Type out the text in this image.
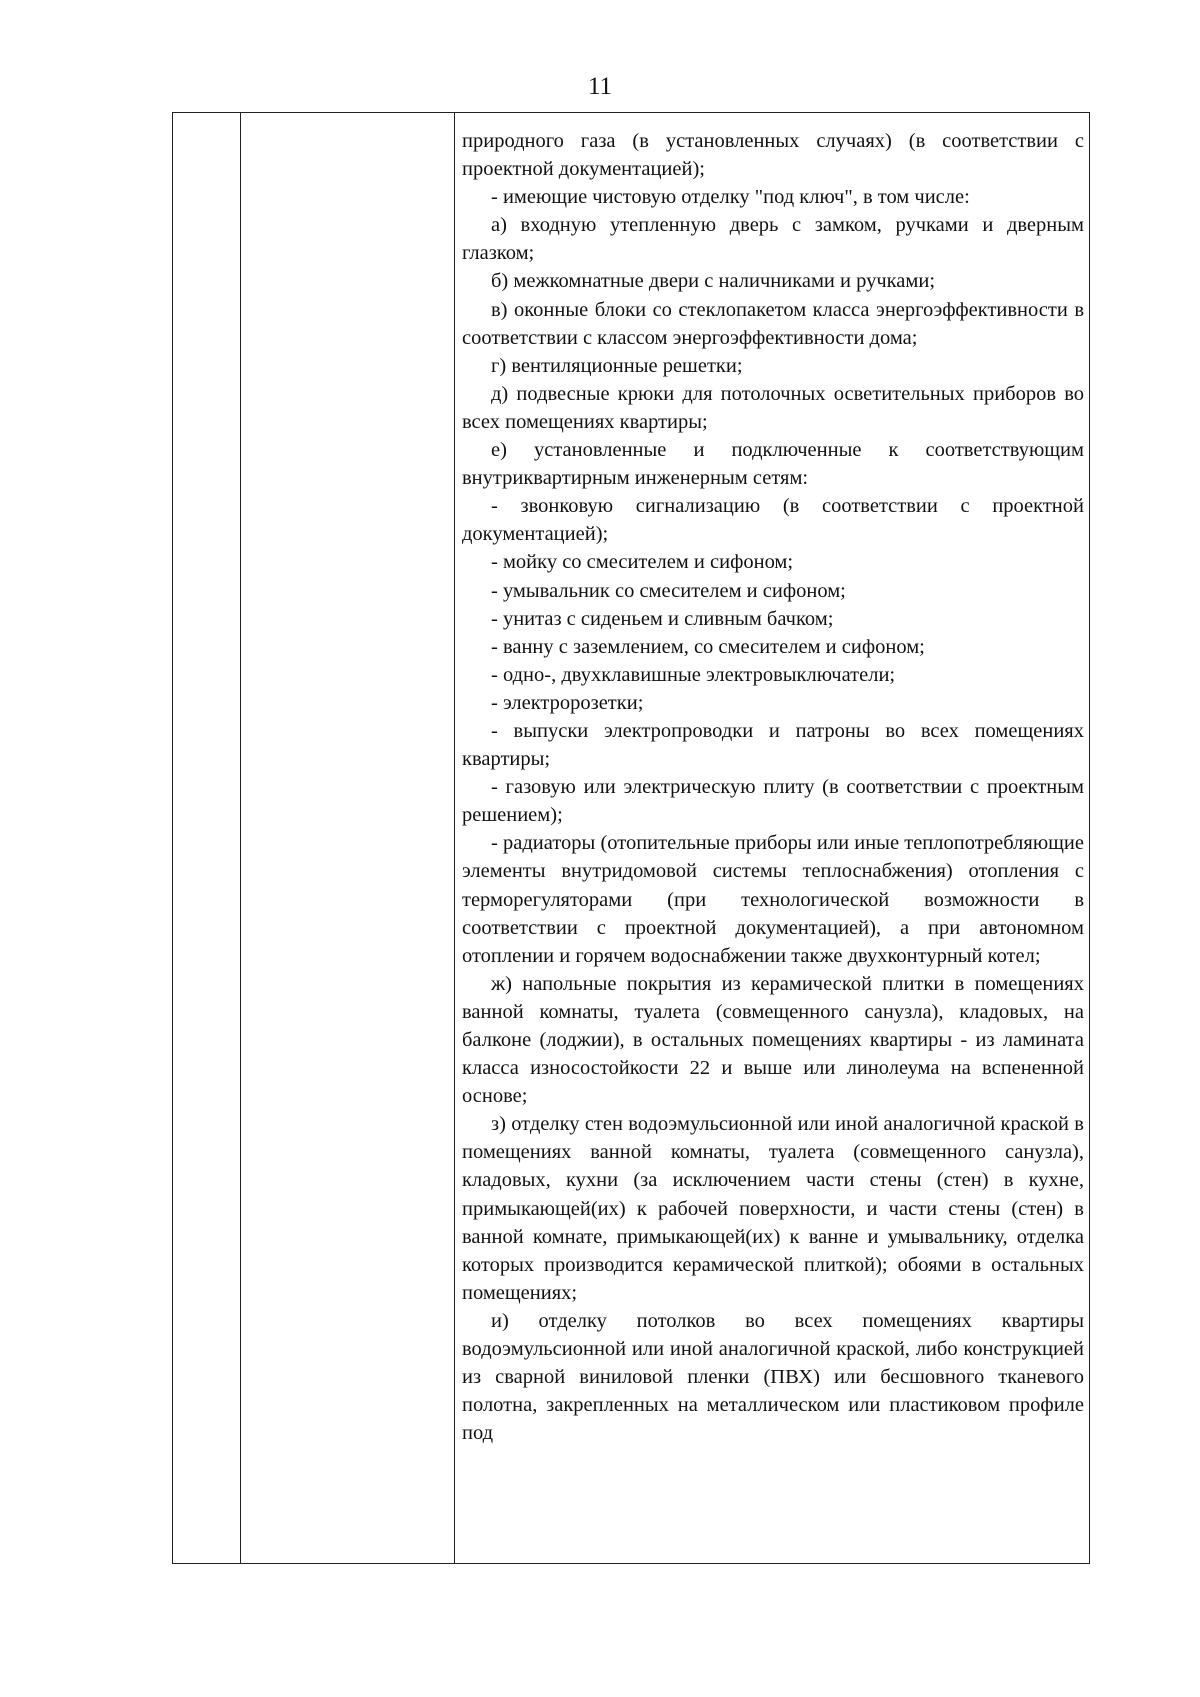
11

природного газа (в установленных случаях) (в соответствии с проектной документацией);

- имеющие чистовую отделку "под ключ", в том числе:

а) входную утепленную дверь с замком, ручками и дверным глазком;

б) межкомнатные двери с наличниками и ручками;

в) оконные блоки со стеклопакетом класса энергоэффективности в соответствии с классом энергоэффективности дома;

г) вентиляционные решетки;

д) подвесные крюки для потолочных осветительных приборов во всех помещениях квартиры;

е) установленные и подключенные к соответствующим внутриквартирным инженерным сетям:

- звонковую сигнализацию (в соответствии с проектной документацией);

- мойку со смесителем и сифоном;

- умывальник со смесителем и сифоном;

- унитаз с сиденьем и сливным бачком;

- ванну с заземлением, со смесителем и сифоном;

- одно-, двухклавишные электровыключатели;

- электророзетки;

- выпуски электропроводки и патроны во всех помещениях квартиры;

- газовую или электрическую плиту (в соответствии с проектным решением);

- радиаторы (отопительные приборы или иные теплопотребляющие элементы внутридомовой системы теплоснабжения) отопления с терморегуляторами (при технологической возможности в соответствии с проектной документацией), а при автономном отоплении и горячем водоснабжении также двухконтурный котел;

ж) напольные покрытия из керамической плитки в помещениях ванной комнаты, туалета (совмещенного санузла), кладовых, на балконе (лоджии), в остальных помещениях квартиры - из ламината класса износостойкости 22 и выше или линолеума на вспененной основе;

з) отделку стен водоэмульсионной или иной аналогичной краской в помещениях ванной комнаты, туалета (совмещенного санузла), кладовых, кухни (за исключением части стены (стен) в кухне, примыкающей(их) к рабочей поверхности, и части стены (стен) в ванной комнате, примыкающей(их) к ванне и умывальнику, отделка которых производится керамической плиткой); обоями в остальных помещениях;

и) отделку потолков во всех помещениях квартиры водоэмульсионной или иной аналогичной краской, либо конструкцией из сварной виниловой пленки (ПВХ) или бесшовного тканевого полотна, закрепленных на металлическом или пластиковом профиле под
